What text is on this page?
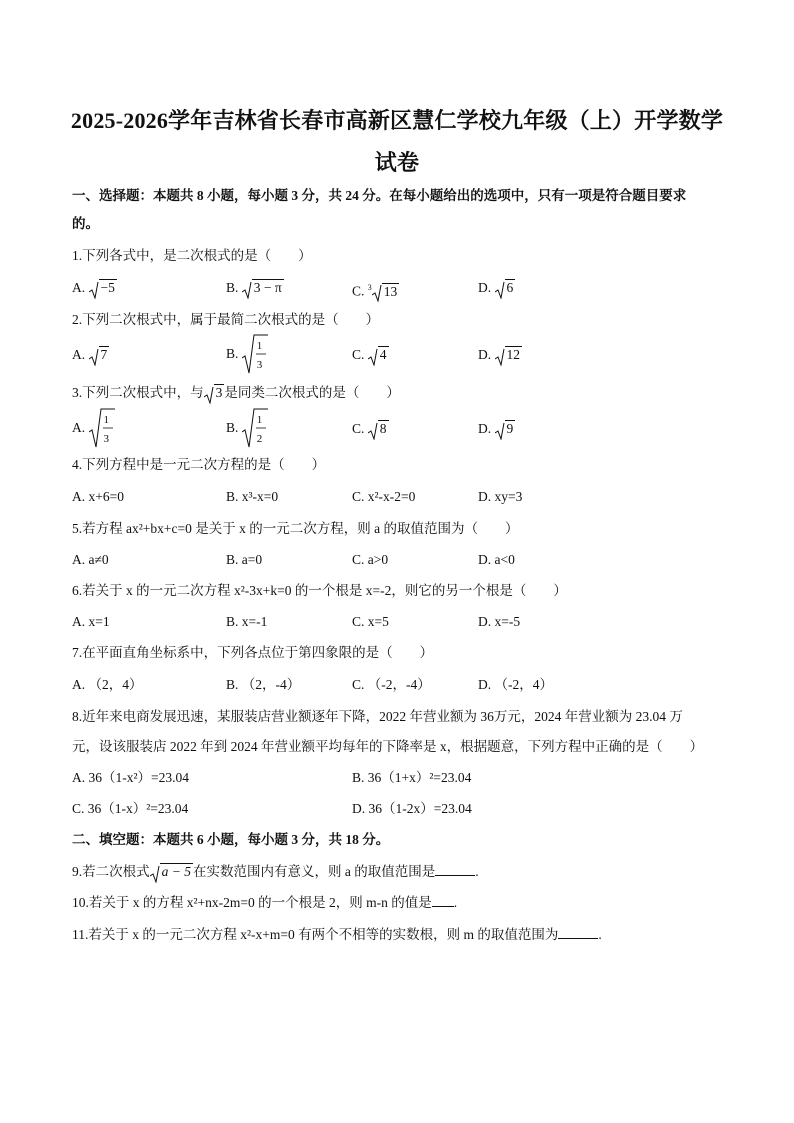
2025-2026学年吉林省长春市高新区慧仁学校九年级（上）开学数学
试卷
一、选择题：本题共 8 小题，每小题 3 分，共 24 分。在每小题给出的选项中，只有一项是符合题目要求
的。
1.下列各式中，是二次根式的是（　　）
A. −5	B. 3 − π	C. $^3$ 13	D. 6
2.下列二次根式中，属于最简二次根式的是（　　）
A. 7	B. 1
3
C. 4	D. 12
3.下列二次根式中，与 3 是同类二次根式的是（　　）
A. 1
3
B. 1
2
C. 8	D. 9
4.下列方程中是一元二次方程的是（　　）
A. x+6=0	B. x³-x=0	C. x²-x-2=0	D. xy=3
5.若方程 ax²+bx+c=0 是关于 x 的一元二次方程，则 a 的取值范围为（　　）
A. a≠0	B. a=0	C. a>0	D. a<0
6.若关于 x 的一元二次方程 x²-3x+k=0 的一个根是 x=-2，则它的另一个根是（　　）
A. x=1	B. x=-1	C. x=5	D. x=-5
7.在平面直角坐标系中，下列各点位于第四象限的是（　　）
A. （2，4）	B. （2，-4）	C. （-2，-4）	D. （-2，4）
8.近年来电商发展迅速，某服装店营业额逐年下降，2022 年营业额为 36万元，2024 年营业额为 23.04 万
元，设该服装店 2022 年到 2024 年营业额平均每年的下降率是 x，根据题意，下列方程中正确的是（　　）
A. 36（1-x²）=23.04	B. 36（1+x）²=23.04
C. 36（1-x）²=23.04	D. 36（1-2x）=23.04
二、填空题：本题共 6 小题，每小题 3 分，共 18 分。
9.若二次根式 a − 5 在实数范围内有意义，则 a 的取值范围是	.
10.若关于 x 的方程 x²+nx-2m=0 的一个根是 2，则 m-n 的值是 .
11.若关于 x 的一元二次方程 x²-x+m=0 有两个不相等的实数根，则 m 的取值范围为	.
